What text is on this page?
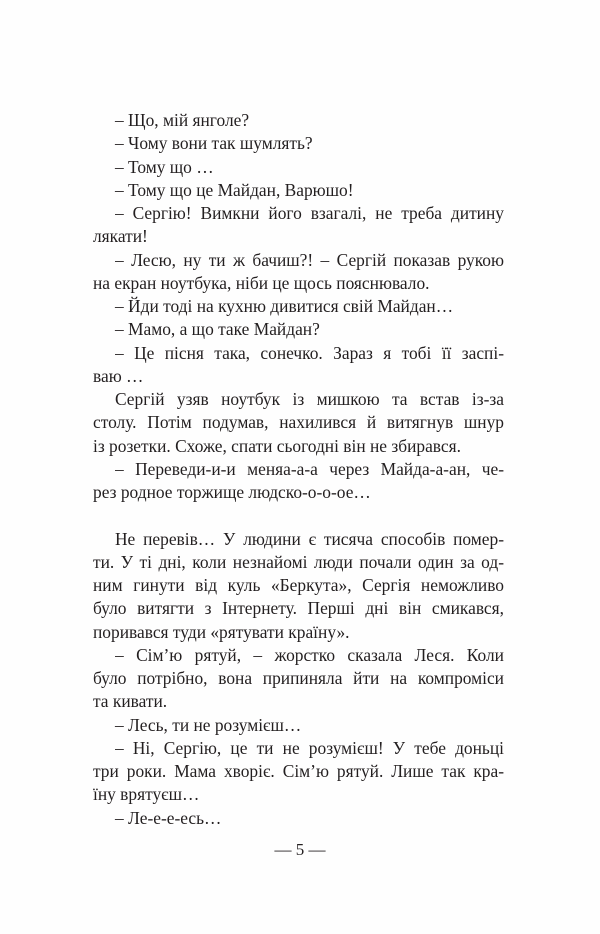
– Що, мій янголе?
– Чому вони так шумлять?
– Тому що …
– Тому що це Майдан, Варюшо!
– Сергію! Вимкни його взагалі, не треба дитину
лякати!
– Лесю, ну ти ж бачиш?! – Сергій показав рукою
на екран ноутбука, ніби це щось пояснювало.
– Йди тоді на кухню дивитися свій Майдан…
– Мамо, а що таке Майдан?
– Це пісня така, сонечко. Зараз я тобі її заспі-
ваю …
Сергій узяв ноутбук із мишкою та встав із-за
столу. Потім подумав, нахилився й витягнув шнур
із розетки. Схоже, спати сьогодні він не збирався.
– Переведи-и-и меняа-а-а через Майда-а-ан, че-
рез родное торжище людско-о-о-ое…
Не перевів… У людини є тисяча способів помер-
ти. У ті дні, коли незнайомі люди почали один за од-
ним гинути від куль «Беркута», Сергія неможливо
було витягти з Інтернету. Перші дні він смикався,
поривався туди «рятувати країну».
– Сім’ю рятуй, – жорстко сказала Леся. Коли
було потрібно, вона припиняла йти на компроміси
та кивати.
– Лесь, ти не розумієш…
– Ні, Сергію, це ти не розумієш! У тебе доньці
три роки. Мама хворіє. Сім’ю рятуй. Лише так кра-
їну врятуєш…
– Ле-е-е-есь…
— 5 —
